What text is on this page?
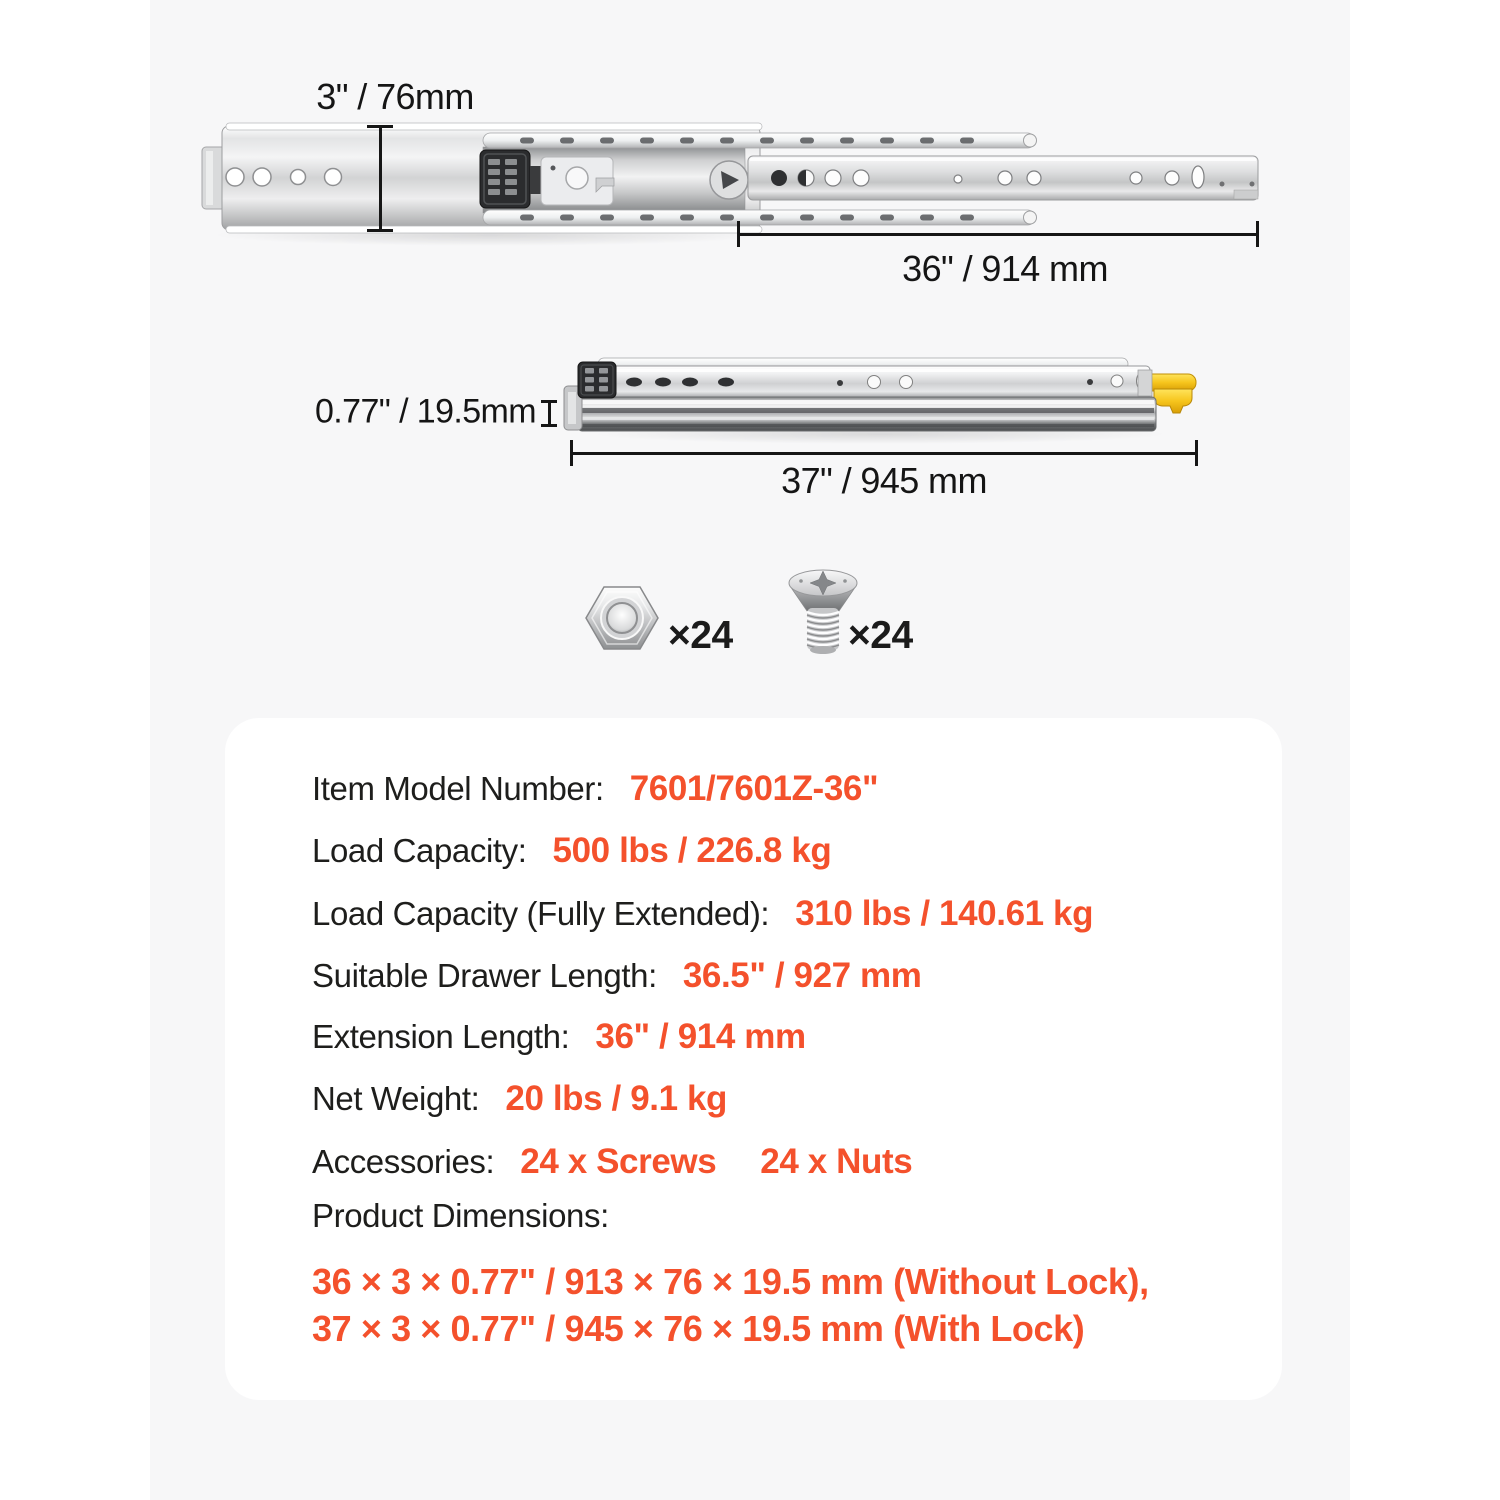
3" / 76mm
36" / 914 mm
0.77" / 19.5mm
37" / 945 mm
×24	×24
Item Model Number: 7601/7601Z-36"
Load Capacity: 500 lbs / 226.8 kg
Load Capacity (Fully Extended): 310 lbs / 140.61 kg
Suitable Drawer Length: 36.5" / 927 mm
Extension Length: 36" / 914 mm
Net Weight: 20 lbs / 9.1 kg
Accessories: 24 x Screws 24 x Nuts
Product Dimensions:
36 × 3 × 0.77" / 913 × 76 × 19.5 mm (Without Lock),
37 × 3 × 0.77" / 945 × 76 × 19.5 mm (With Lock)
